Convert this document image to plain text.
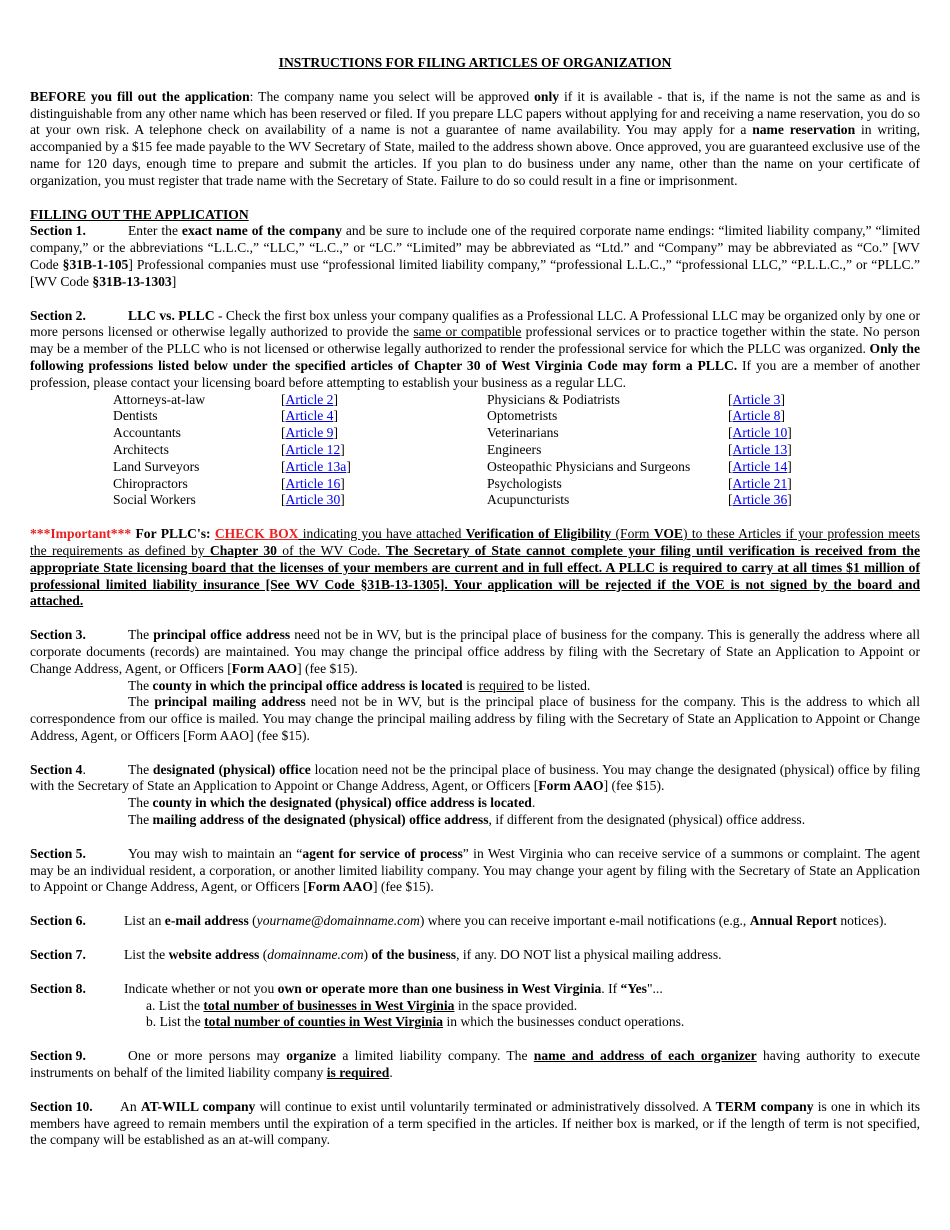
INSTRUCTIONS FOR FILING ARTICLES OF ORGANIZATION

BEFORE you fill out the application: The company name you select will be approved only if it is available - that is, if the name is not the same as and is distinguishable from any other name which has been reserved or filed. If you prepare LLC papers without applying for and receiving a name reservation, you do so at your own risk. A telephone check on availability of a name is not a guarantee of name availability. You may apply for a name reservation in writing, accompanied by a $15 fee made payable to the WV Secretary of State, mailed to the address shown above. Once approved, you are guaranteed exclusive use of the name for 120 days, enough time to prepare and submit the articles. If you plan to do business under any name, other than the name on your certificate of organization, you must register that trade name with the Secretary of State. Failure to do so could result in a fine or imprisonment.

FILLING OUT THE APPLICATION

Section 1.	Enter the exact name of the company and be sure to include one of the required corporate name endings: “limited liability company,” “limited company,” or the abbreviations “L.L.C.,” “LLC,” “L.C.,” or “LC.” “Limited” may be abbreviated as “Ltd.” and “Company” may be abbreviated as “Co.” [WV Code §31B-1-105] Professional companies must use “professional limited liability company,” “professional L.L.C.,” “professional LLC,” “P.L.L.C.,” or “PLLC.” [WV Code §31B-13-1303]

Section 2.	LLC vs. PLLC - Check the first box unless your company qualifies as a Professional LLC. A Professional LLC may be organized only by one or more persons licensed or otherwise legally authorized to provide the same or compatible professional services or to practice together within the state. No person may be a member of the PLLC who is not licensed or otherwise legally authorized to render the professional service for which the PLLC was organized. Only the following professions listed below under the specified articles of Chapter 30 of West Virginia Code may form a PLLC. If you are a member of another profession, please contact your licensing board before attempting to establish your business as a regular LLC.

Attorneys-at-law	[Article 2]	Physicians & Podiatrists	[Article 3]
Dentists	[Article 4]	Optometrists	[Article 8]
Accountants	[Article 9]	Veterinarians	[Article 10]
Architects	[Article 12]	Engineers	[Article 13]
Land Surveyors	[Article 13a]	Osteopathic Physicians and Surgeons	[Article 14]
Chiropractors	[Article 16]	Psychologists	[Article 21]
Social Workers	[Article 30]	Acupuncturists	[Article 36]

***Important*** For PLLC's: CHECK BOX indicating you have attached Verification of Eligibility (Form VOE) to these Articles if your profession meets the requirements as defined by Chapter 30 of the WV Code. The Secretary of State cannot complete your filing until verification is received from the appropriate State licensing board that the licenses of your members are current and in full effect. A PLLC is required to carry at all times $1 million of professional limited liability insurance [See WV Code §31B-13-1305]. Your application will be rejected if the VOE is not signed by the board and attached.

Section 3.	The principal office address need not be in WV, but is the principal place of business for the company. This is generally the address where all corporate documents (records) are maintained. You may change the principal office address by filing with the Secretary of State an Application to Appoint or Change Address, Agent, or Officers [Form AAO] (fee $15).

The county in which the principal office address is located is required to be listed.

The principal mailing address need not be in WV, but is the principal place of business for the company. This is the address to which all correspondence from our office is mailed. You may change the principal mailing address by filing with the Secretary of State an Application to Appoint or Change Address, Agent, or Officers [Form AAO] (fee $15).

Section 4.	The designated (physical) office location need not be the principal place of business. You may change the designated (physical) office by filing with the Secretary of State an Application to Appoint or Change Address, Agent, or Officers [Form AAO] (fee $15).

The county in which the designated (physical) office address is located.

The mailing address of the designated (physical) office address, if different from the designated (physical) office address.

Section 5.	You may wish to maintain an “agent for service of process” in West Virginia who can receive service of a summons or complaint. The agent may be an individual resident, a corporation, or another limited liability company. You may change your agent by filing with the Secretary of State an Application to Appoint or Change Address, Agent, or Officers [Form AAO] (fee $15).

Section 6.	List an e-mail address (yourname@domainname.com) where you can receive important e-mail notifications (e.g., Annual Report notices).

Section 7.	List the website address (domainname.com) of the business, if any. DO NOT list a physical mailing address.

Section 8.	Indicate whether or not you own or operate more than one business in West Virginia. If “Yes"...

a. List the total number of businesses in West Virginia in the space provided.

b. List the total number of counties in West Virginia in which the businesses conduct operations.

Section 9.	One or more persons may organize a limited liability company. The name and address of each organizer having authority to execute instruments on behalf of the limited liability company is required.

Section 10. An AT-WILL company will continue to exist until voluntarily terminated or administratively dissolved. A TERM company is one in which its members have agreed to remain members until the expiration of a term specified in the articles. If neither box is marked, or if the length of term is not specified, the company will be established as an at-will company.
